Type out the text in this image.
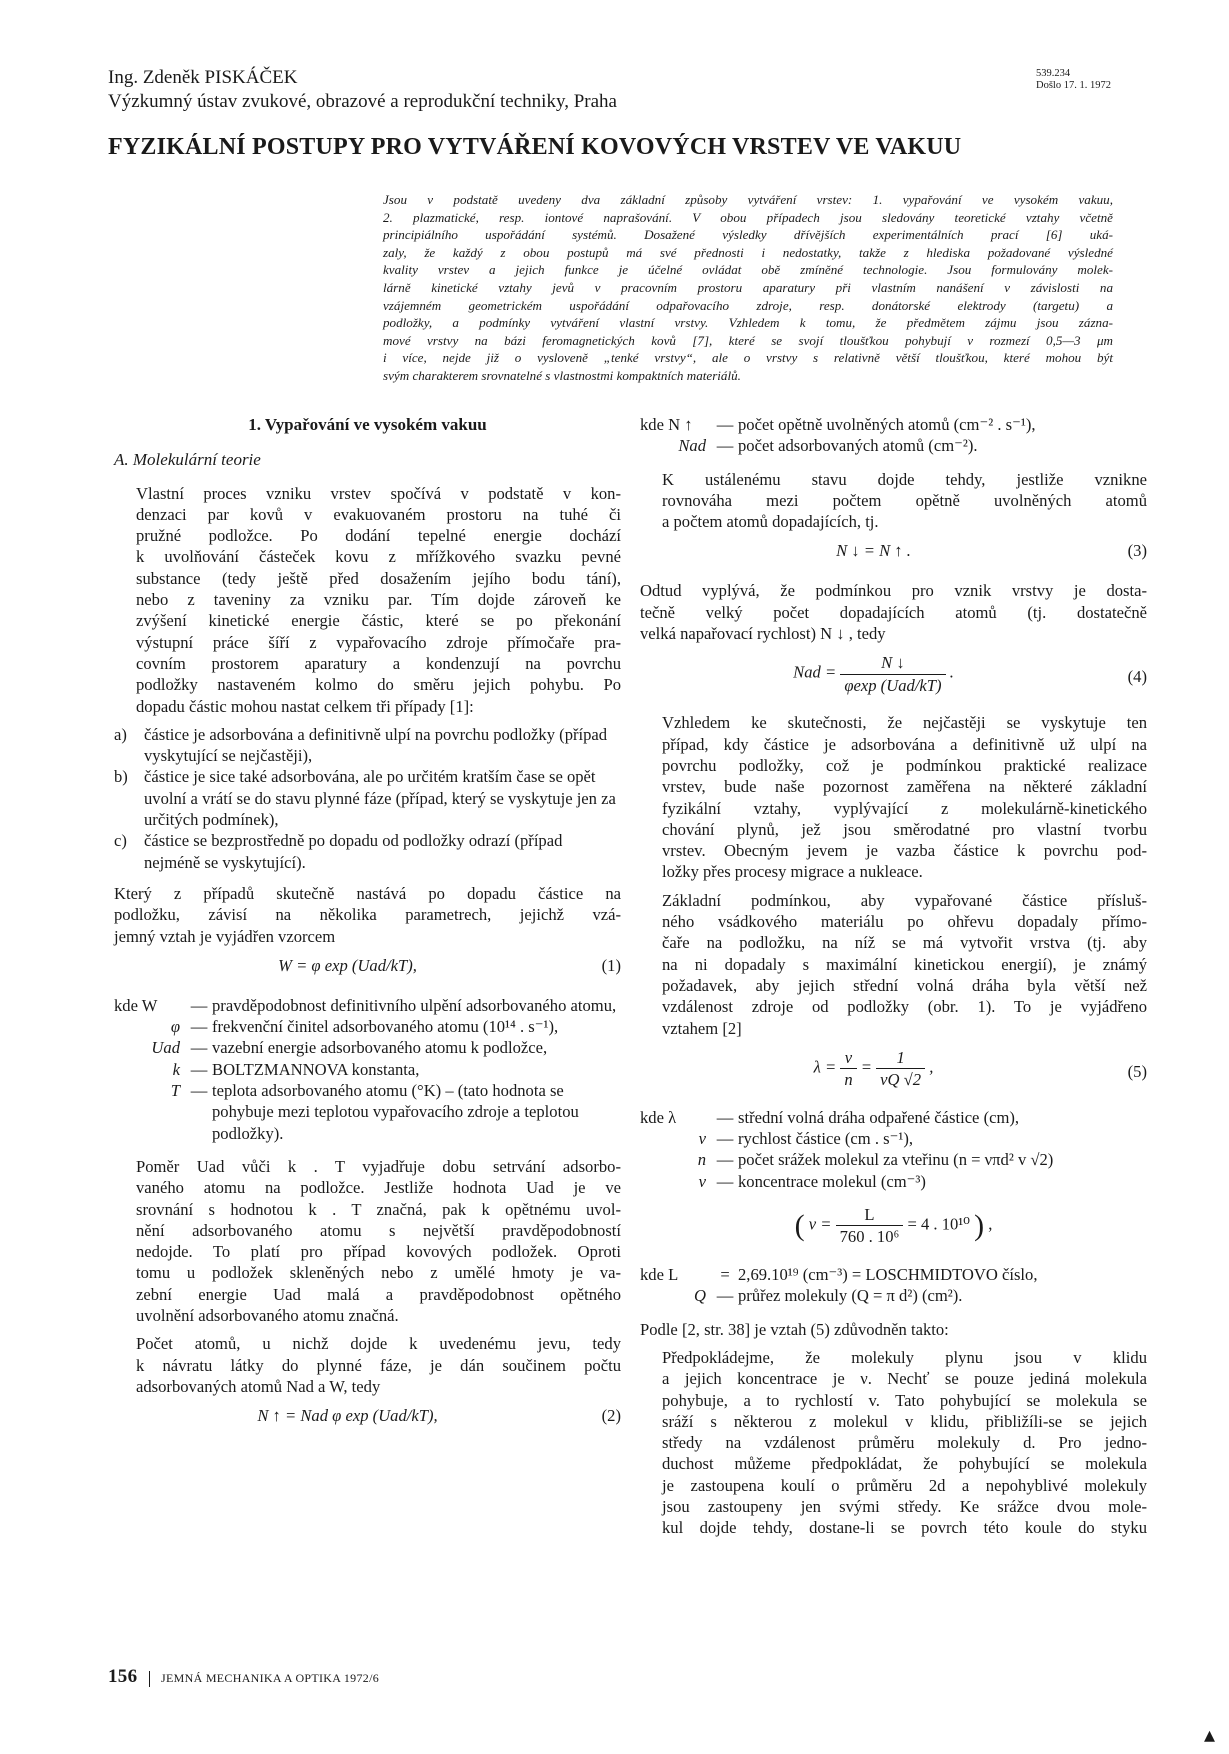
Ing. Zdeněk PISKÁČEK
Výzkumný ústav zvukové, obrazové a reprodukční techniky, Praha
539.234
Došlo 17. 1. 1972
FYZIKÁLNÍ POSTUPY PRO VYTVÁŘENÍ KOVOVÝCH VRSTEV VE VAKUU
Jsou v podstatě uvedeny dva základní způsoby vytváření vrstev: 1. vypařování ve vysokém vakuu,
2. plazmatické, resp. iontové naprašování. V obou případech jsou sledovány teoretické vztahy včetně
principiálního uspořádání systémů. Dosažené výsledky dřívějších experimentálních prací [6] uká-
zaly, že každý z obou postupů má své přednosti i nedostatky, takže z hlediska požadované výsledné
kvality vrstev a jejich funkce je účelné ovládat obě zmíněné technologie. Jsou formulovány molek-
lárně kinetické vztahy jevů v pracovním prostoru aparatury při vlastním nanášení v závislosti na
vzájemném geometrickém uspořádání odpařovacího zdroje, resp. donátorské elektrody (targetu) a
podložky, a podmínky vytváření vlastní vrstvy. Vzhledem k tomu, že předmětem zájmu jsou zázna-
mové vrstvy na bázi feromagnetických kovů [7], které se svojí tloušťkou pohybují v rozmezí 0,5—3 μm
i více, nejde již o vysloveně „tenké vrstvy“, ale o vrstvy s relativně větší tloušťkou, které mohou být
svým charakterem srovnatelné s vlastnostmi kompaktních materiálů.
1. Vypařování ve vysokém vakuu
A. Molekulární teorie

Vlastní proces vzniku vrstev spočívá v podstatě v kon-
denzaci par kovů v evakuovaném prostoru na tuhé či
pružné podložce. Po dodání tepelné energie dochází
k uvolňování částeček kovu z mřížkového svazku pevné
substance (tedy ještě před dosažením jejího bodu tání),
nebo z taveniny za vzniku par. Tím dojde zároveň ke
zvýšení kinetické energie částic, které se po překonání
výstupní práce šíří z vypařovacího zdroje přímočaře pra-
covním prostorem aparatury a kondenzují na povrchu
podložky nastaveném kolmo do směru jejich pohybu. Po
dopadu částic mohou nastat celkem tři případy [1]:

a)	částice je adsorbována a definitivně ulpí na povrchu podložky (případ vyskytující se nejčastěji),
b) částice je sice také adsorbována, ale po určitém kratším čase se opět uvolní a vrátí se do stavu plynné fáze (případ, který se vyskytuje jen za určitých podmínek),
c)	částice se bezprostředně po dopadu od podložky odrazí (případ nejméně se vyskytující).

Který z případů skutečně nastává po dopadu částice na
podložku, závisí na několika parametrech, jejichž vzá-
jemný vztah je vyjádřen vzorcem

W = φ exp (Uad/kT),	(1)
kde W	— pravděpodobnost definitivního ulpění adsorbovaného atomu,
φ — frekvenční činitel adsorbovaného atomu (10¹⁴ . s⁻¹),
Uad — vazební energie adsorbovaného atomu k podložce,
k — BOLTZMANNOVA konstanta,
T — teplota adsorbovaného atomu (°K) – (tato hodnota se pohybuje mezi teplotou vypařovacího zdroje a teplotou podložky).

Poměr Uad vůči k . T vyjadřuje dobu setrvání adsorbo-
vaného atomu na podložce. Jestliže hodnota Uad je ve
srovnání s hodnotou k . T značná, pak k opětnému uvol-
nění adsorbovaného atomu s největší pravděpodobností
nedojde. To platí pro případ kovových podložek. Oproti
tomu u podložek skleněných nebo z umělé hmoty je va-
zební energie Uad malá a pravděpodobnost opětného
uvolnění adsorbovaného atomu značná.

Počet atomů, u nichž dojde k uvedenému jevu, tedy
k návratu látky do plynné fáze, je dán součinem počtu
adsorbovaných atomů Nad a W, tedy

N ↑ = Nad φ exp (Uad/kT),	(2)
kde N ↑	— počet opětně uvolněných atomů (cm⁻² . s⁻¹),
Nad — počet adsorbovaných atomů (cm⁻²).

K ustálenému stavu dojde tehdy, jestliže vznikne
rovnováha mezi počtem opětně uvolněných atomů
a počtem atomů dopadajících, tj.

N ↓ = N ↑ .	(3)

Odtud vyplývá, že podmínkou pro vznik vrstvy je dosta-
tečně velký počet dopadajících atomů (tj. dostatečně
velká napařovací rychlost) N ↓ , tedy

Nad = $\frac{N ↓}{\text{φexp (Uad/kT)}}$ .	(4)

Vzhledem ke skutečnosti, že nejčastěji se vyskytuje ten
případ, kdy částice je adsorbována a definitivně už ulpí na
povrchu podložky, což je podmínkou praktické realizace
vrstev, bude naše pozornost zaměřena na některé základní
fyzikální vztahy, vyplývající z molekulárně-kinetického
chování plynů, jež jsou směrodatné pro vlastní tvorbu
vrstev. Obecným jevem je vazba částice k povrchu pod-
ložky přes procesy migrace a nukleace.

Základní podmínkou, aby vypařované částice přísluš-
ného vsádkového materiálu po ohřevu dopadaly přímo-
čaře na podložku, na níž se má vytvořit vrstva (tj. aby
na ni dopadaly s maximální kinetickou energií), je známý
požadavek, aby jejich střední volná dráha byla větší než
vzdálenost zdroje od podložky (obr. 1). To je vyjádřeno
vztahem [2]

$\lambda = \frac{v}{n} = \frac{1}{vQ √2}$ ,	(5)
kde λ	— střední volná dráha odpařené částice (cm),
v — rychlost částice (cm . s⁻¹),
n — počet srážek molekul za vteřinu (n = νπd² v √2)
ν — koncentrace molekul (cm⁻³)
( $\nu = \frac{L}{\text{760 . 10⁶}} = 4$ . 10¹⁰ ) ,
kde L	= 2,69.10¹⁹ (cm⁻³) = LOSCHMIDTOVO číslo,
Q — průřez molekuly (Q = π d²) (cm²).

Podle [2, str. 38] je vztah (5) zdůvodněn takto:

Předpokládejme, že molekuly plynu jsou v klidu
a jejich koncentrace je ν. Nechť se pouze jediná molekula
pohybuje, a to rychlostí v. Tato pohybující se molekula se
sráží s některou z molekul v klidu, přibližíli-se se jejich
středy na vzdálenost průměru molekuly d. Pro jedno-
duchost můžeme předpokládat, že pohybující se molekula
je zastoupena koulí o průměru 2d a nepohyblivé molekuly
jsou zastoupeny jen svými středy. Ke srážce dvou mole-
kul dojde tehdy, dostane-li se povrch této koule do styku

156 JEMNÁ MECHANIKA A OPTIKA 1972/6
▴
